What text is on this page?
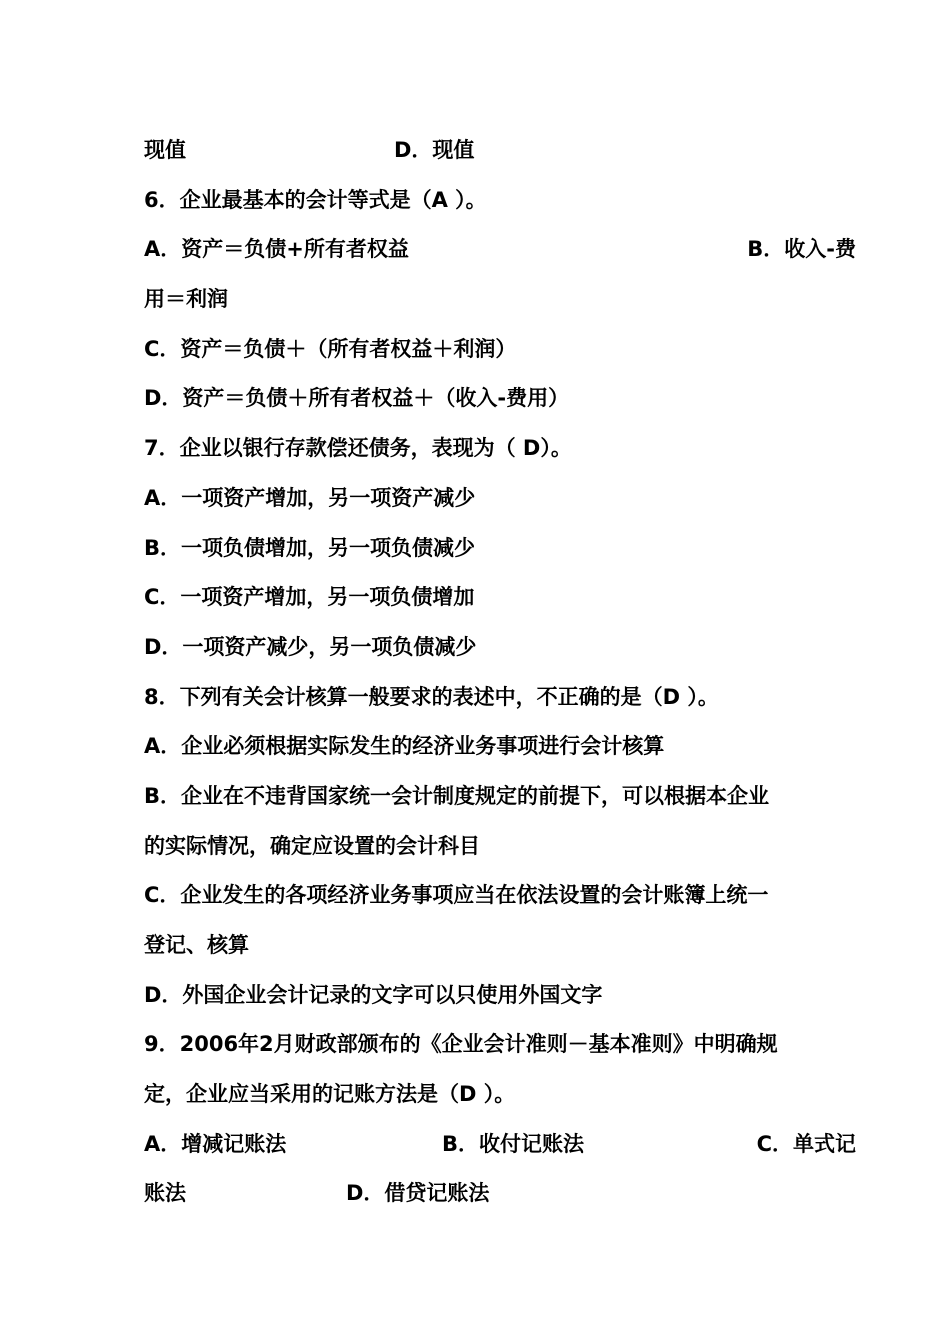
现值	D．现值
6．企业最基本的会计等式是（A ）。
A．资产＝负债+所有者权益	B．收入-费
用＝利润
C．资产＝负债＋（所有者权益＋利润）
D．资产＝负债＋所有者权益＋（收入-费用）
7．企业以银行存款偿还债务，表现为（ D）。
A．一项资产增加，另一项资产减少
B．一项负债增加，另一项负债减少
C．一项资产增加，另一项负债增加
D．一项资产减少，另一项负债减少
8．下列有关会计核算一般要求的表述中，不正确的是（D ）。
A．企业必须根据实际发生的经济业务事项进行会计核算
B．企业在不违背国家统一会计制度规定的前提下，可以根据本企业
的实际情况，确定应设置的会计科目
C．企业发生的各项经济业务事项应当在依法设置的会计账簿上统一
登记、核算
D．外国企业会计记录的文字可以只使用外国文字
9．2006年2月财政部颁布的《企业会计准则－基本准则》中明确规
定，企业应当采用的记账方法是（D ）。
A．增减记账法	B．收付记账法	C．单式记
账法	D．借贷记账法
